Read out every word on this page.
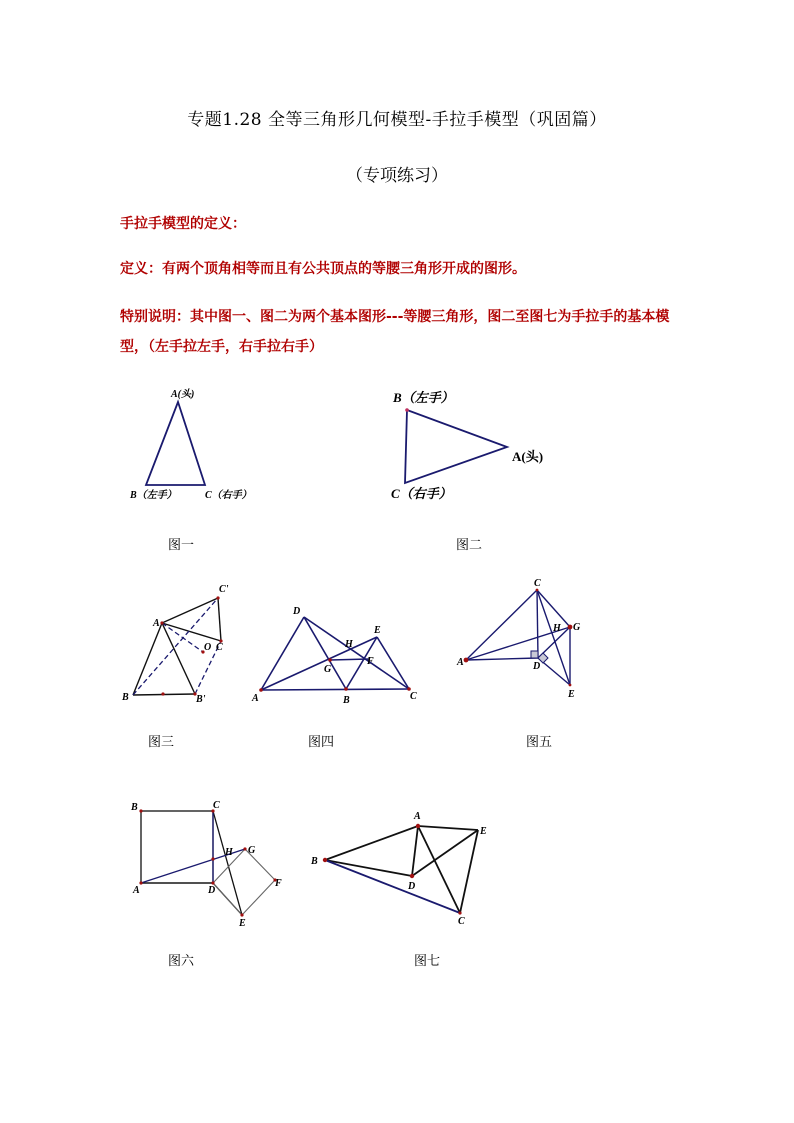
专题1.28 全等三角形几何模型-手拉手模型（巩固篇）
（专项练习）
手拉手模型的定义：
定义：有两个顶角相等而且有公共顶点的等腰三角形开成的图形。
特别说明：其中图一、图二为两个基本图形---等腰三角形，图二至图七为手拉手的基本模型，（左手拉左手，右手拉右手）
A(头)
B（左手）	C（右手）
图一
B（左手）
A(头)
C（右手）
图二
C'
A
O C
B	B'
图三
D
E
H
G
F
A	B	C
图四
C
H G
A	D
E
图五
B	C
H G
A	D
F
E
图六
A
E
B
D
C
图七
